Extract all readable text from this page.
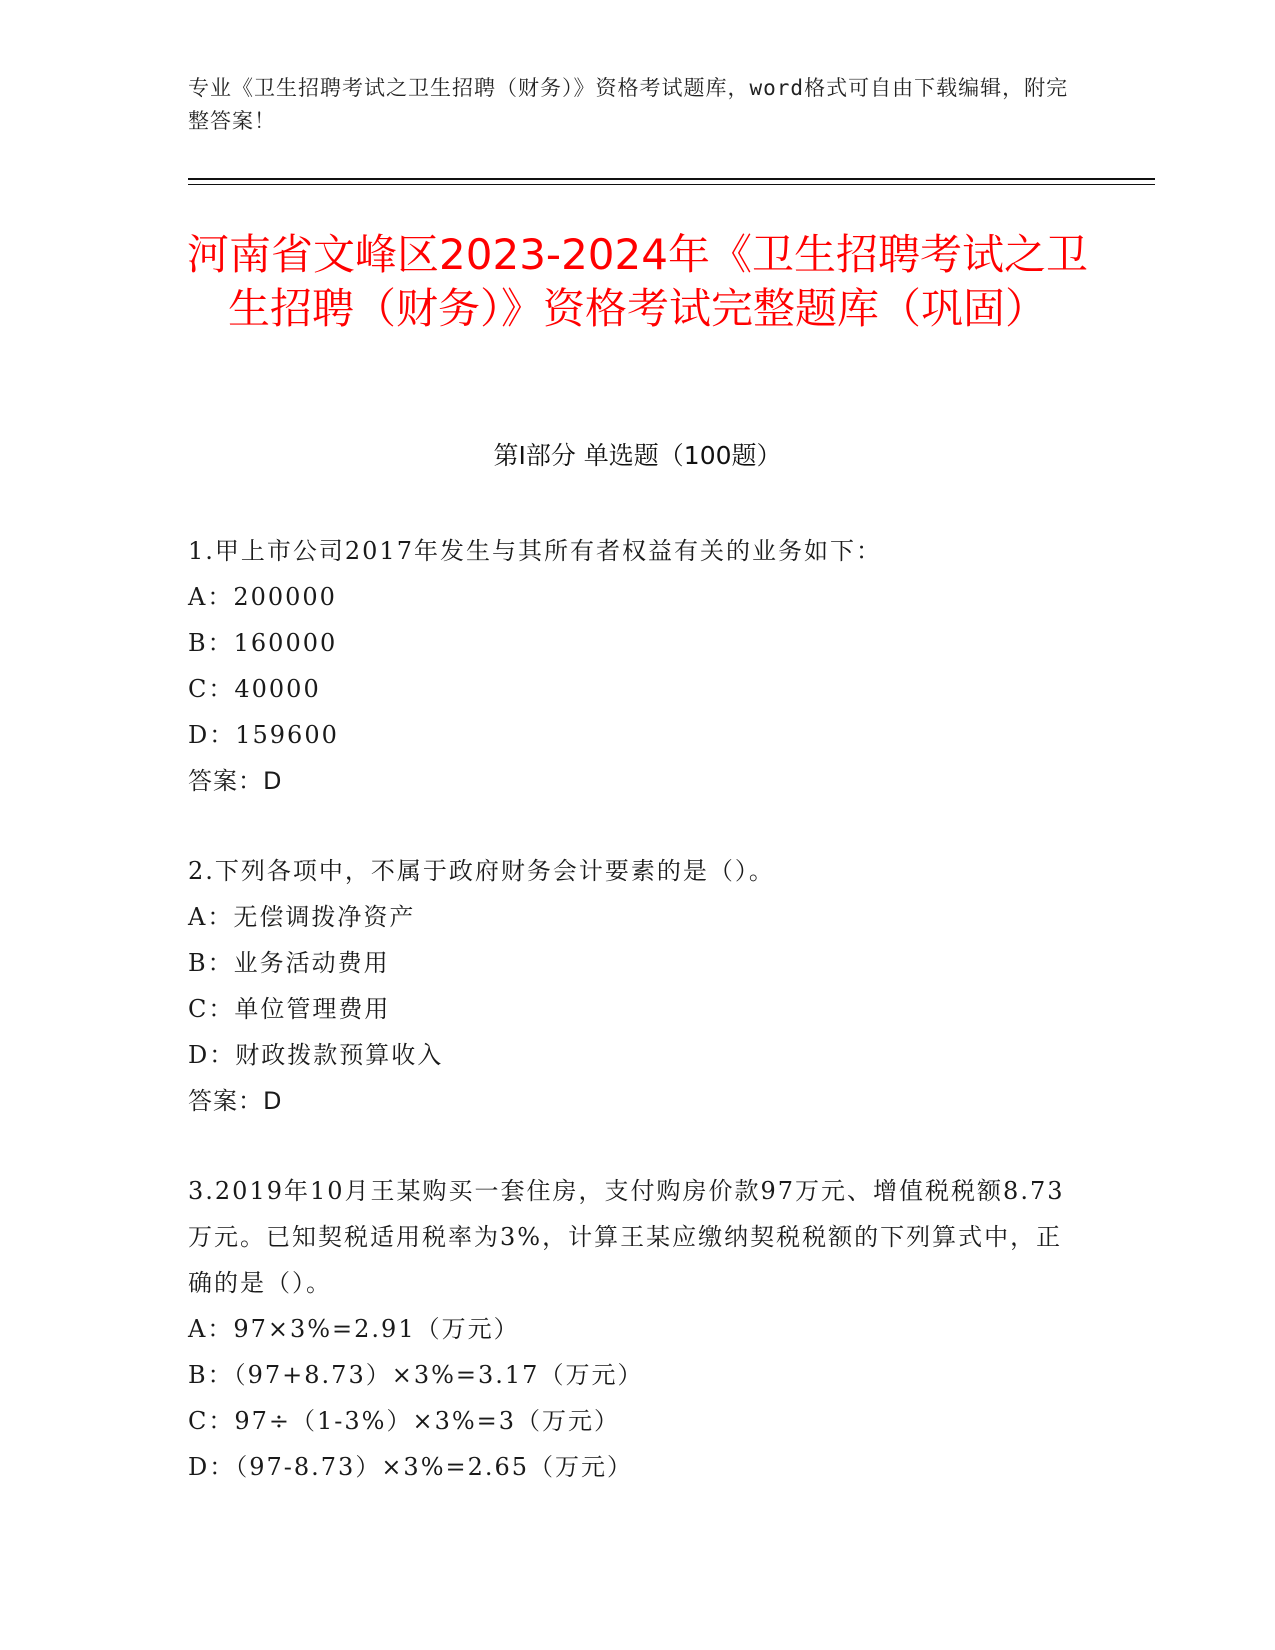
专业《卫生招聘考试之卫生招聘（财务）》资格考试题库，word格式可自由下载编辑，附完整答案！
河南省文峰区2023-2024年《卫生招聘考试之卫生招聘（财务）》资格考试完整题库（巩固）
第I部分 单选题（100题）

1.甲上市公司2017年发生与其所有者权益有关的业务如下：

A：200000

B：160000

C：40000

D：159600

答案：D

2.下列各项中，不属于政府财务会计要素的是（）。

A：无偿调拨净资产

B：业务活动费用

C：单位管理费用

D：财政拨款预算收入

答案：D

3.2019年10月王某购买一套住房，支付购房价款97万元、增值税税额8.73万元。已知契税适用税率为3%，计算王某应缴纳契税税额的下列算式中，正确的是（）。

A：97×3%=2.91（万元）

B：（97+8.73）×3%=3.17（万元）

C：97÷（1-3%）×3%=3（万元）

D：（97-8.73）×3%=2.65（万元）
